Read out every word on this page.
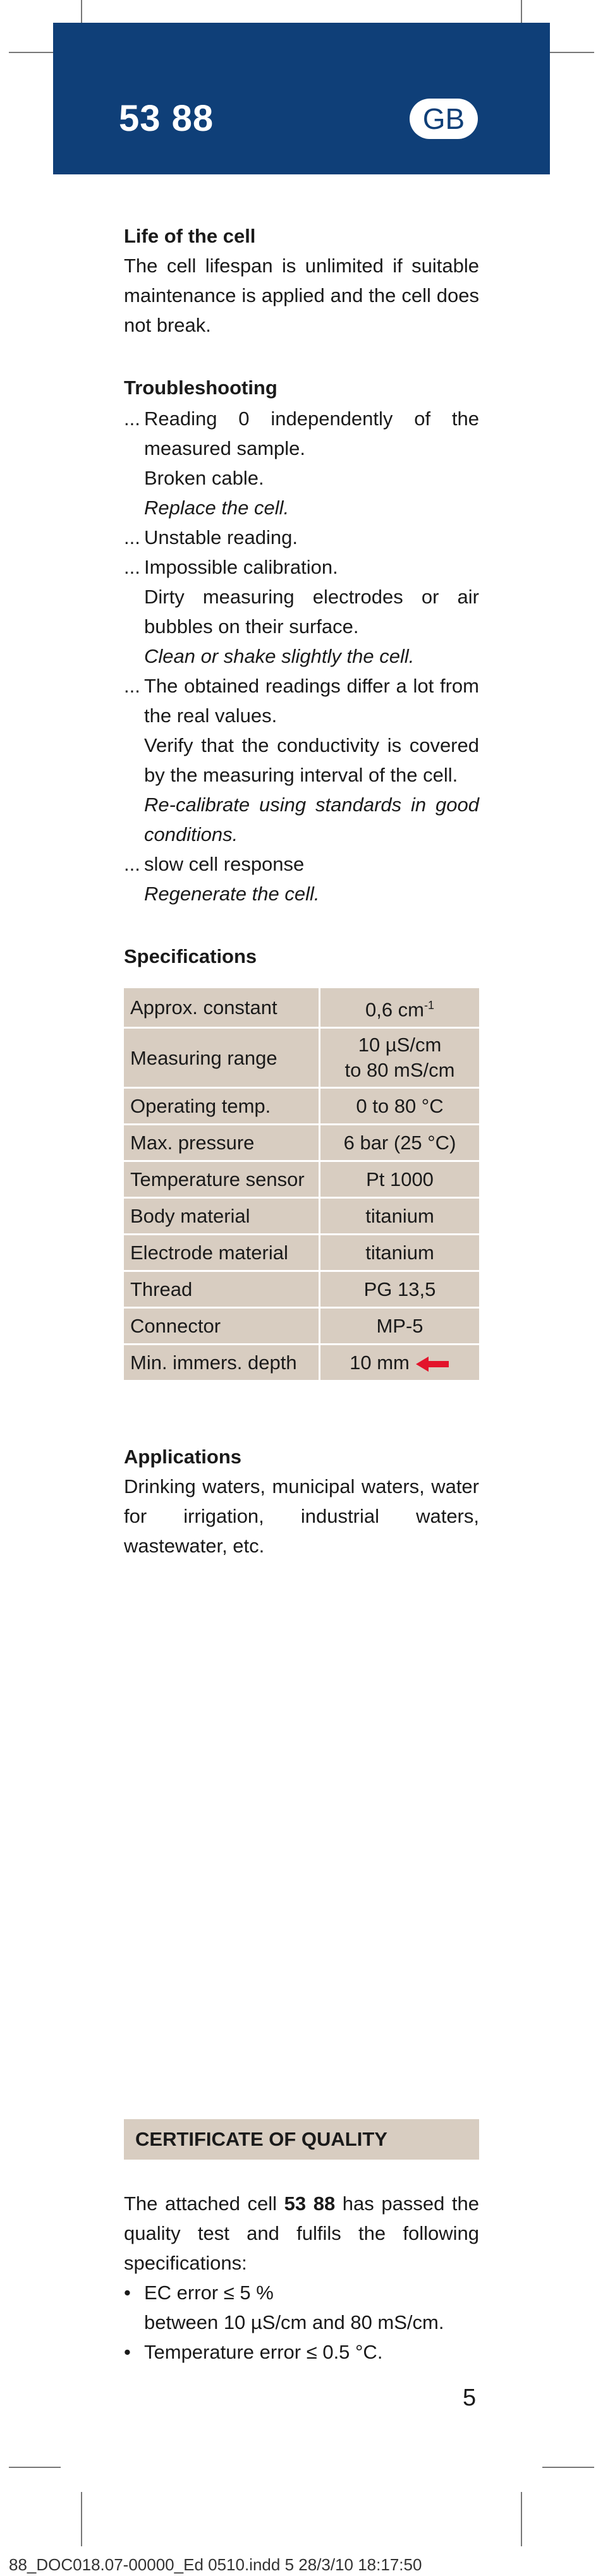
53 88	GB
Life of the cell

The cell lifespan is unlimited if suitable maintenance is applied and the cell does not break.

Troubleshooting
... Reading 0 independently of the measured sample.
Broken cable.
Replace the cell.
... Unstable reading.
... Impossible calibration.
Dirty measuring electrodes or air bubbles on their surface.
Clean or shake slightly the cell.
... The obtained readings differ a lot from the real values.
Verify that the conductivity is covered by the measuring interval of the cell.
Re-calibrate using standards in good conditions.
... slow cell response
Regenerate the cell.
Specifications
Approx. constant	0,6 $cm^{-1}$
Measuring range	10 µS/cm
to 80 mS/cm

Operating temp.	0 to 80 °C
Max. pressure	6 bar (25 °C)
Temperature sensor	Pt 1000
Body material	titanium
Electrode material	titanium
Thread	PG 13,5
Connector	MP-5
Min. immers. depth	10 mm
Applications

Drinking waters, municipal waters, water for irrigation, industrial waters, wastewater, etc.

CERTIFICATE OF QUALITY

The attached cell 53 88 has passed the quality test and fulfils the following specifications:

• EC error ≤ 5 %
between 10 µS/cm and 80 mS/cm.
• Temperature error ≤ 0.5 °C.
5
88_DOC018.07-00000_Ed 0510.indd 5 28/3/10 18:17:50
